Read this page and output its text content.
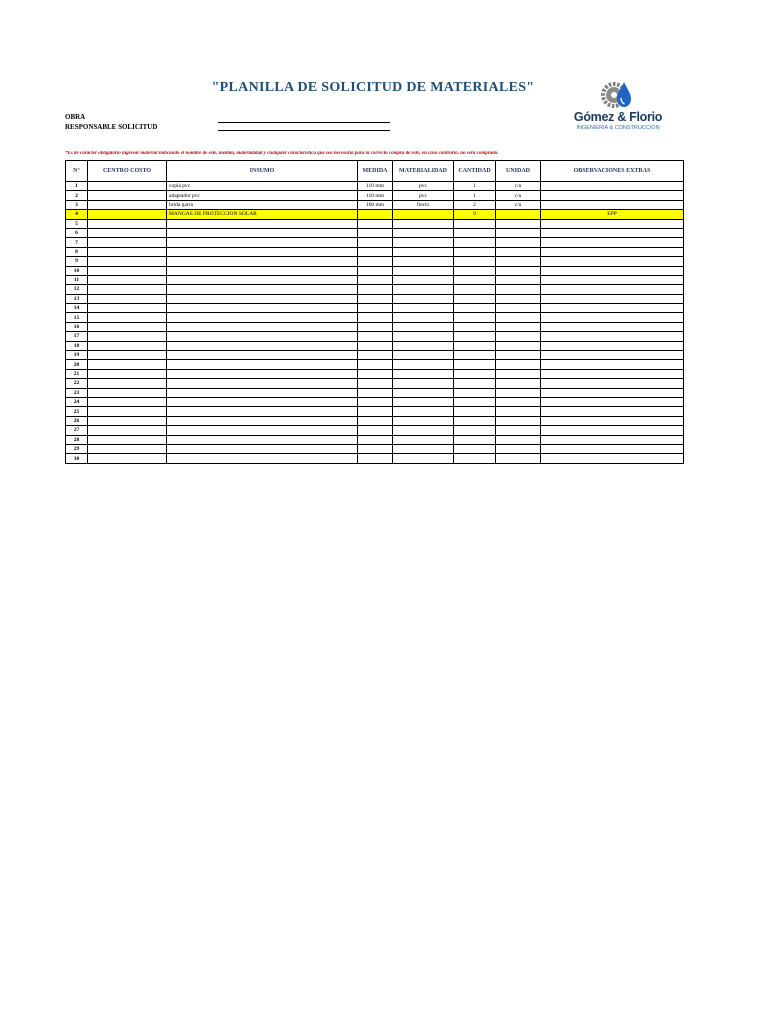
"PLANILLA DE SOLICITUD DE MATERIALES"
OBRA
RESPONSABLE SOLICITUD
Gómez & Florio
INGENIERÍA & CONSTRUCCIÓN
*Es de carácter obligatorio ingresar material indicando el nombre de este, medida, materialidad y cualquier característica que sea necesaria para la correcta compra de este, en caso contrario, no será comprado.
N°	CENTRO COSTO	INSUMO	MEDIDA	MATERIALIDAD	CANTIDAD	UNIDAD	OBSERVACIONES EXTRAS
1		copla pvc	110 mm	pvc	1	c/u	
2		adaptador pvc	110 mm	pvc	1	c/u	
3		brida garra	160 mm	fierro	2	c/u	
4		MANGAS DE PROTECCION SOLAR			9		EPP
5							
6							
7							
8							
9							
10							
11							
12							
13							
14							
15							
16							
17							
18							
19							
20							
21							
22							
23							
24							
25							
26							
27							
28							
29							
30							
